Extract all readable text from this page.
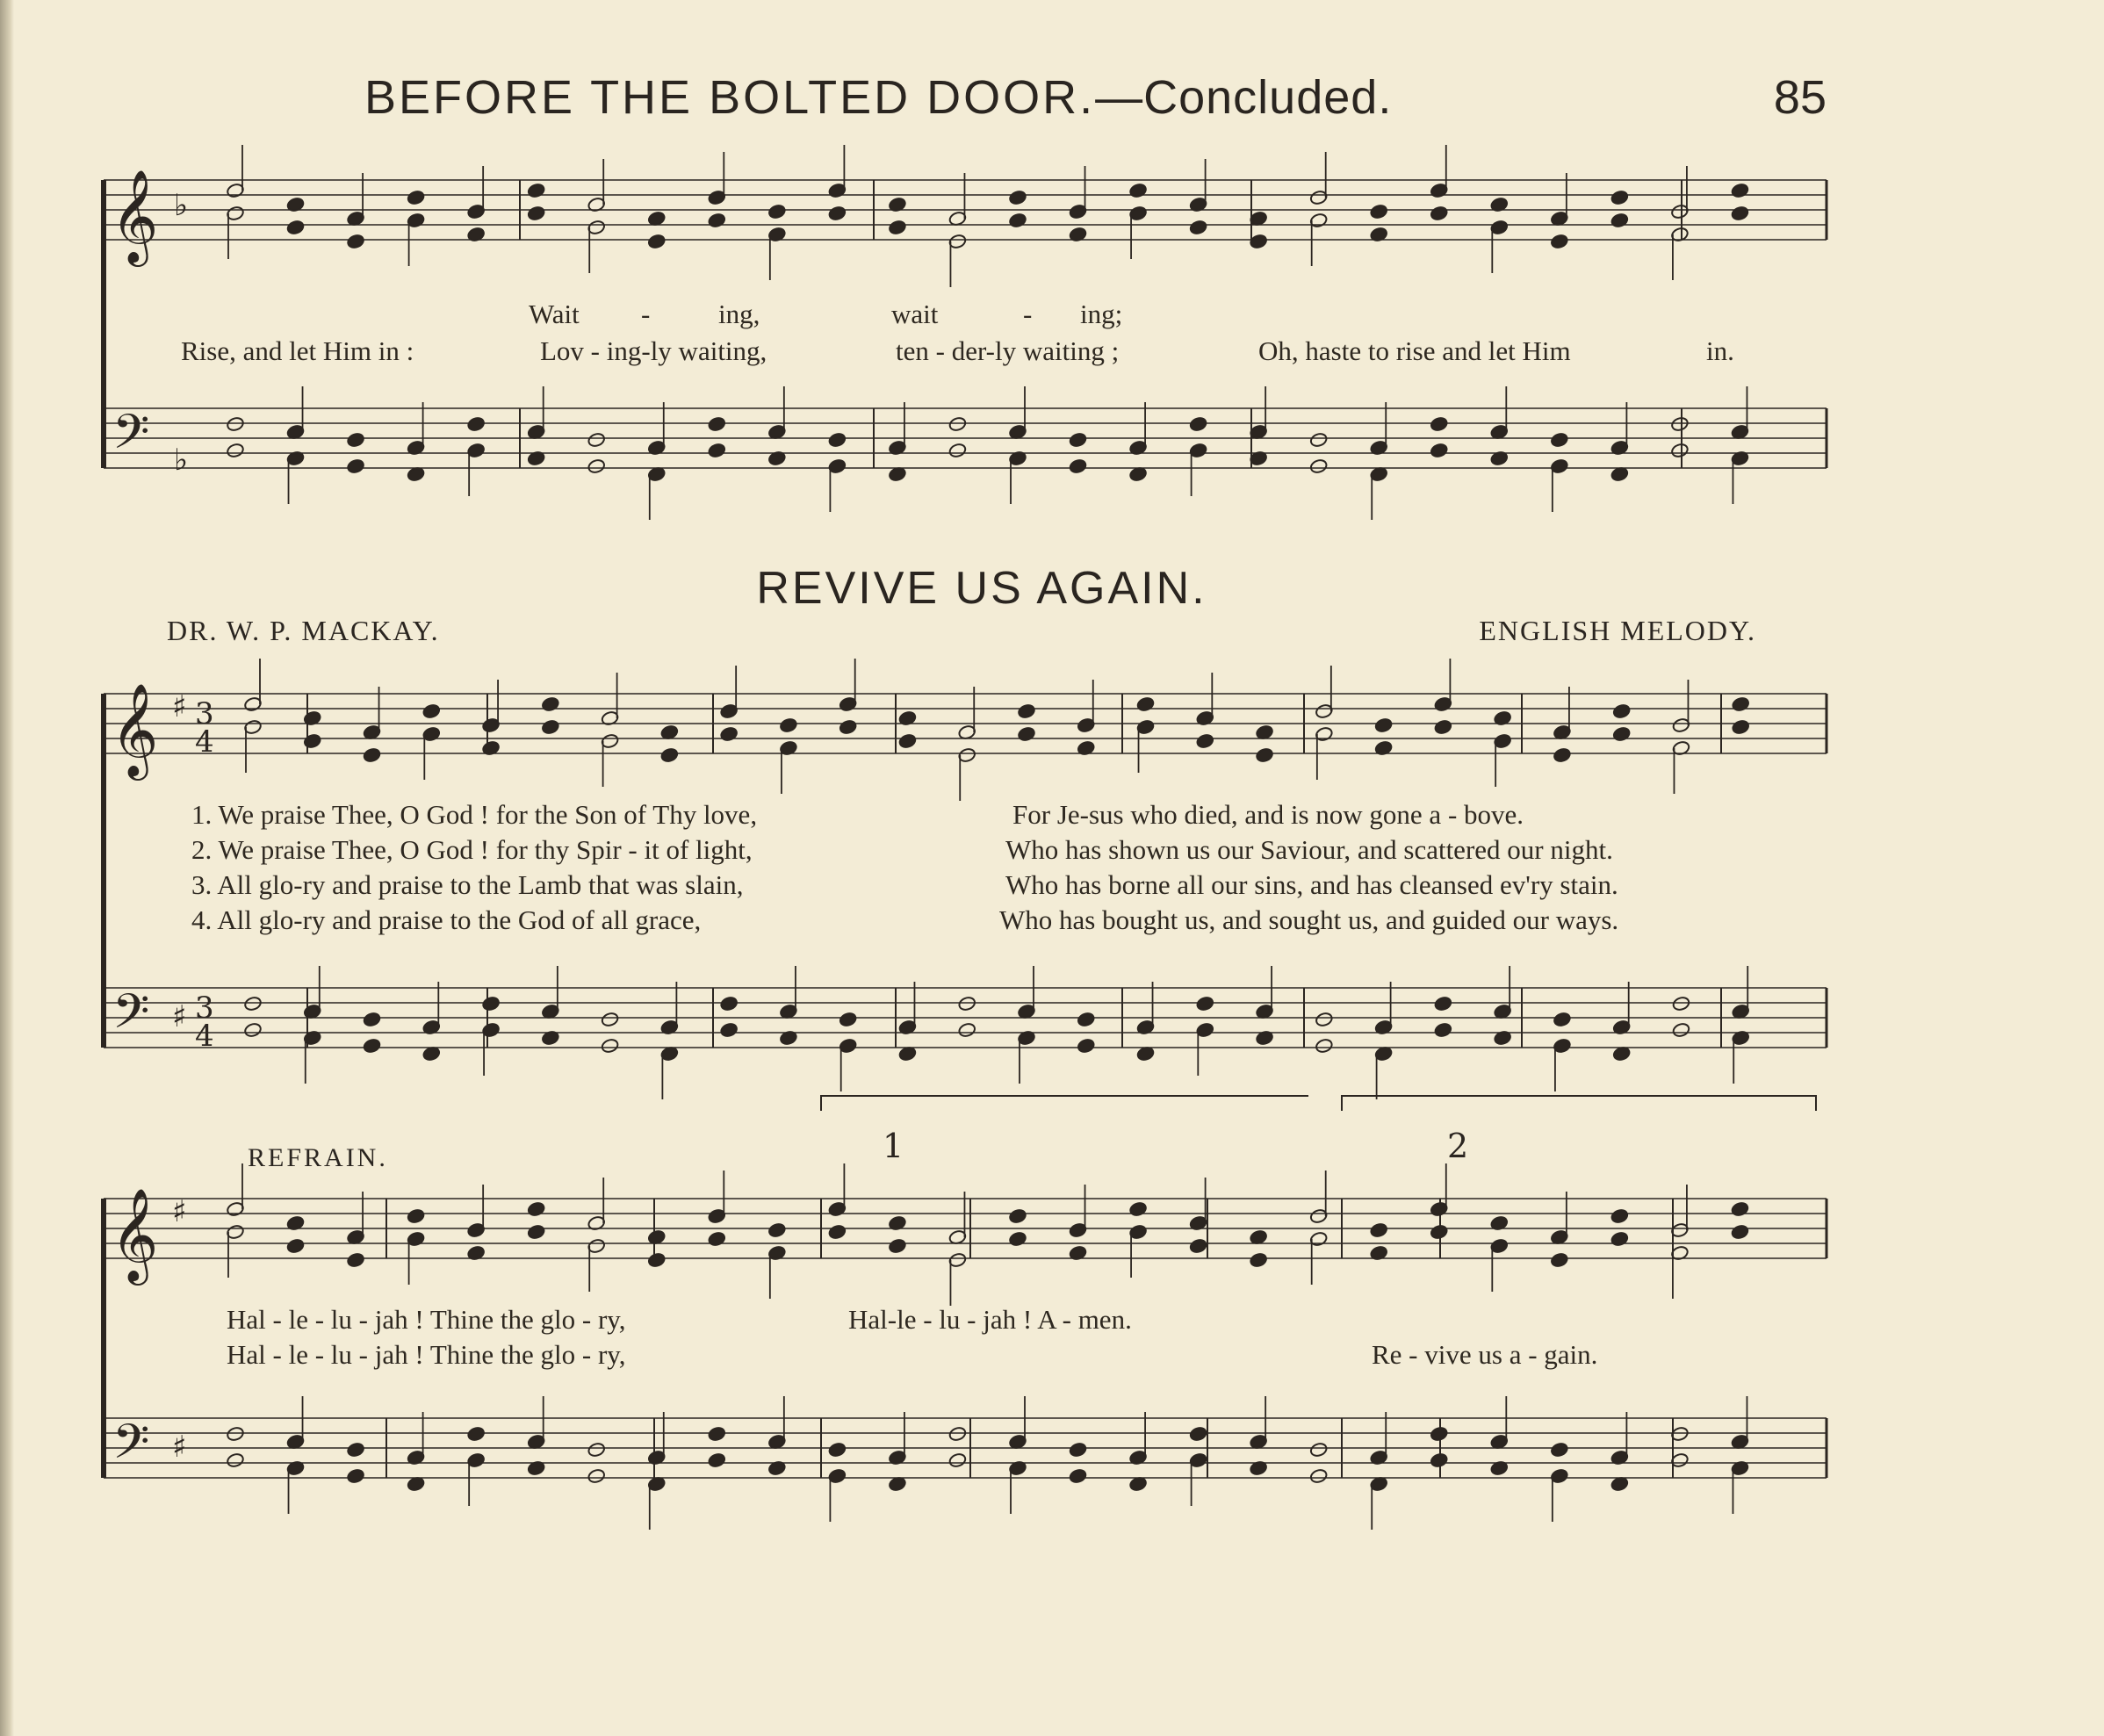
BEFORE THE BOLTED DOOR.—Concluded.	85
𝄞
𝄢
♭
♭
𝄞
𝄢
♯
♯
3
4
3
4
𝄞
𝄢
♯
♯
1	2
Wait -	ing,	wait	- ing;
Rise, and let Him in :	Lov - ing-ly waiting,	ten - der-ly waiting ;	Oh, haste to rise and let Him	in.
REVIVE US AGAIN.
DR. W. P. MACKAY.	ENGLISH MELODY.
1. We praise Thee, O God ! for the Son of Thy love,	For Je-sus who died, and is now gone a - bove.
2. We praise Thee, O God ! for thy Spir - it of light,	Who has shown us our Saviour, and scattered our night.
3. All glo-ry and praise to the Lamb that was slain,	Who has borne all our sins, and has cleansed ev'ry stain.
4. All glo-ry and praise to the God of all grace,	Who has bought us, and sought us, and guided our ways.
REFRAIN.
Hal - le - lu - jah ! Thine the glo - ry,	Hal-le - lu - jah ! A - men.
Hal - le - lu - jah ! Thine the glo - ry,	Re - vive us a - gain.
